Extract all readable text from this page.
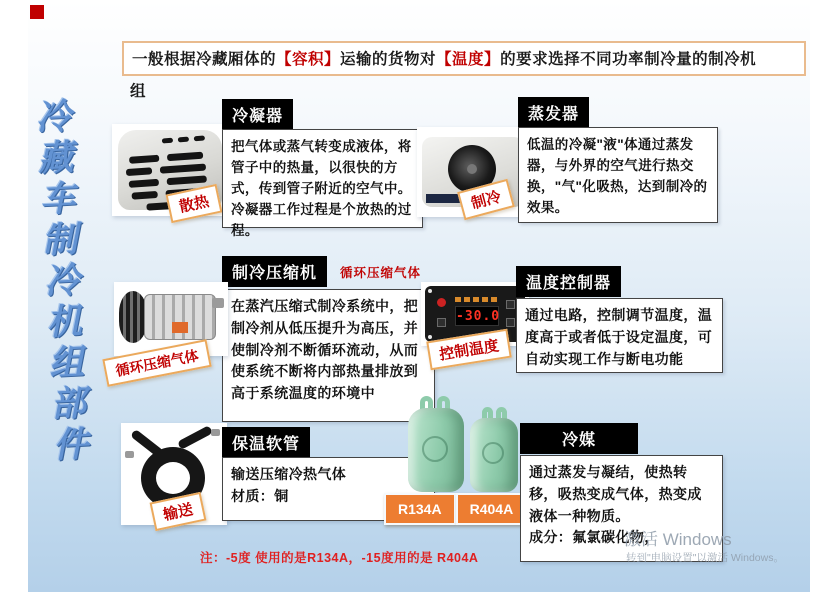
一般根据冷藏厢体的【容积】运输的货物对【温度】的要求选择不同功率制冷量的制冷机
组
冷藏车制冷机组部件	散热
冷凝器
把气体或蒸气转变成液体，将管子中的热量，以很快的方式，传到管子附近的空气中。冷凝器工作过程是个放热的过程。
制冷
蒸发器
低温的冷凝"液"体通过蒸发器，与外界的空气进行热交换，"气"化吸热，达到制冷的效果。
制冷压缩机	循环压缩气体
在蒸汽压缩式制冷系统中，把制冷剂从低压提升为高压，并使制冷剂不断循环流动，从而使系统不断将内部热量排放到高于系统温度的环境中
循环压缩气体
-30.0
控制温度
温度控制器
通过电路，控制调节温度，温度高于或者低于设定温度，可自动实现工作与断电功能
输送
保温软管
输送压缩冷热气体
材质：铜
R134A	R404A
冷媒
通过蒸发与凝结，使热转移，吸热变成气体，热变成液体一种物质。
成分：氟氯碳化物，
注：-5度 使用的是R134A，-15度用的是 R404A
激活 Windows
转到"电脑设置"以激活 Windows。
